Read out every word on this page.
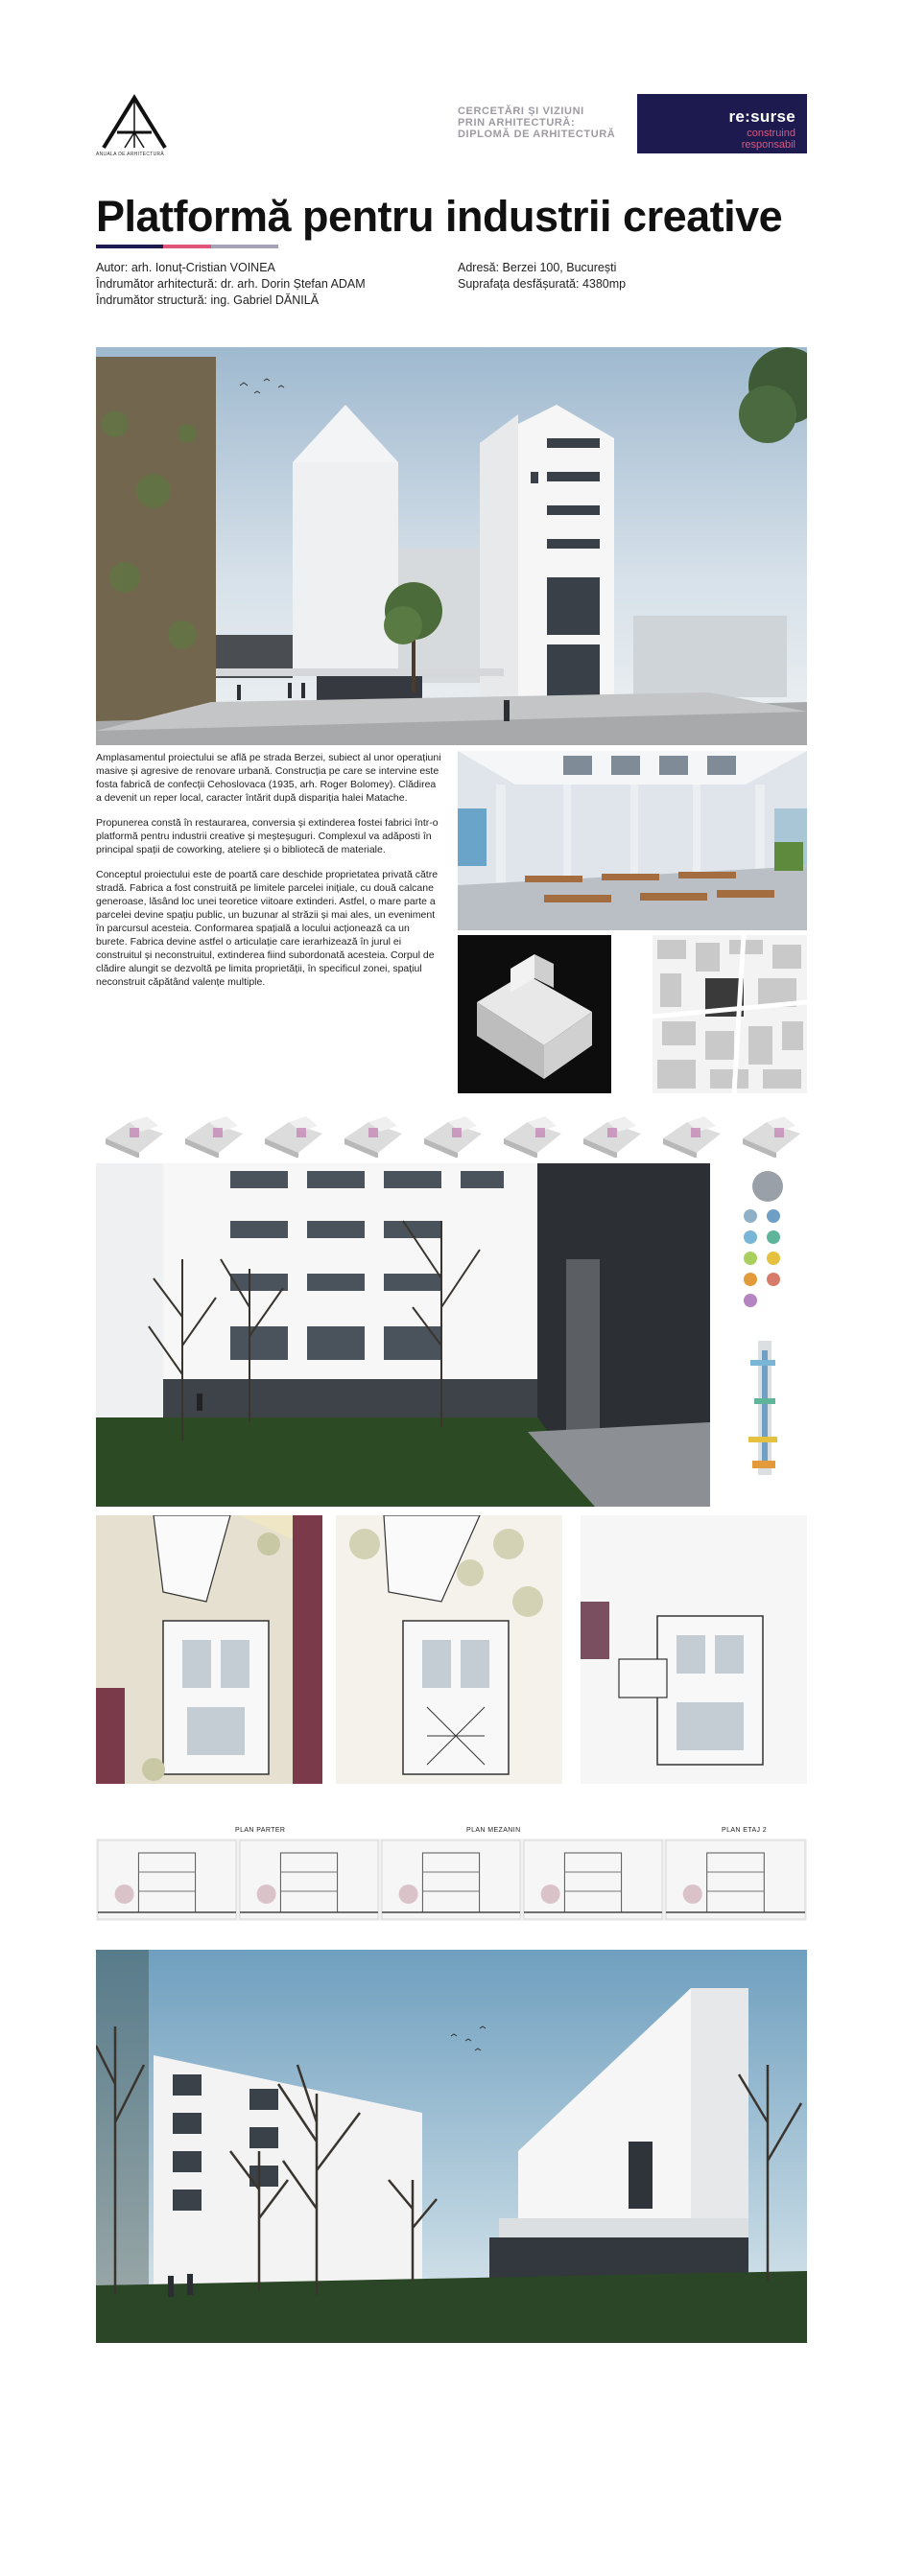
ANUALA DE ARHITECTURĂ
CERCETĂRI ȘI VIZIUNI
PRIN ARHITECTURĂ:
DIPLOMĂ DE ARHITECTURĂ
re:surse
construind
responsabil
Platformă pentru industrii creative
Autor: arh. Ionuț-Cristian VOINEA
Îndrumător arhitectură: dr. arh. Dorin Ștefan ADAM
Îndrumător structură: ing. Gabriel DĂNILĂ
Adresă: Berzei 100, București
Suprafața desfășurată: 4380mp

Amplasamentul proiectului se află pe strada Berzei, subiect al unor operațiuni masive și agresive de renovare urbană. Construcția pe care se intervine este fosta fabrică de confecții Cehoslovaca (1935, arh. Roger Bolomey). Clădirea a devenit un reper local, caracter întărit după dispariția halei Matache.

Propunerea constă în restaurarea, conversia și extinderea fostei fabrici într-o platformă pentru industrii creative și meșteșuguri. Complexul va adăposti în principal spații de coworking, ateliere și o bibliotecă de materiale.

Conceptul proiectului este de poartă care deschide proprietatea privată către stradă. Fabrica a fost construită pe limitele parcelei inițiale, cu două calcane generoase, lăsând loc unei teoretice viitoare extinderi. Astfel, o mare parte a parcelei devine spațiu public, un buzunar al străzii și mai ales, un eveniment în parcursul acesteia. Conformarea spațială a locului acționează ca un burete. Fabrica devine astfel o articulație care ierarhizează în jurul ei construitul și neconstruitul, extinderea fiind subordonată acesteia. Corpul de clădire alungit se dezvoltă pe limita proprietății, în specificul zonei, spațiul neconstruit căpătând valențe multiple.

PLAN PARTER	PLAN MEZANIN	PLAN ETAJ 2
